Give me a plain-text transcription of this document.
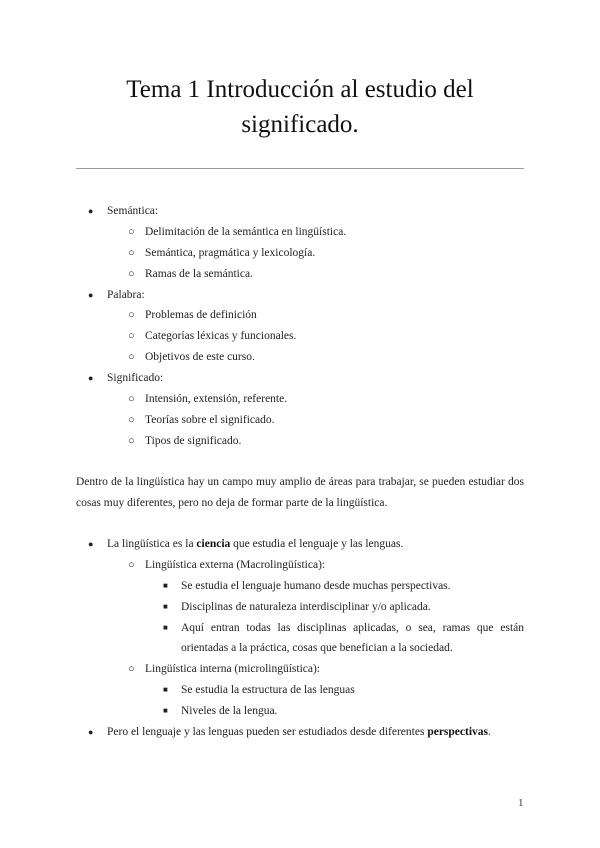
Tema 1 Introducción al estudio del
significado.
● Semántica:
○ Delimitación de la semántica en lingüística.
○ Semántica, pragmática y lexicología.
○ Ramas de la semántica.
● Palabra:
○ Problemas de definición
○ Categorías léxicas y funcionales.
○ Objetivos de este curso.
● Significado:
○ Intensión, extensión, referente.
○ Teorías sobre el significado.
○ Tipos de significado.
Dentro de la lingüística hay un campo muy amplio de áreas para trabajar, se pueden estudiar dos cosas muy diferentes, pero no deja de formar parte de la lingüística.
● La lingüística es la ciencia que estudia el lenguaje y las lenguas.
○ Lingüística externa (Macrolingüística):
■ Se estudia el lenguaje humano desde muchas perspectivas.
■ Disciplinas de naturaleza interdisciplinar y/o aplicada.
■ Aquí entran todas las disciplinas aplicadas, o sea, ramas que están orientadas a la práctica, cosas que benefician a la sociedad.
○ Lingüística interna (microlingüística):
■ Se estudia la estructura de las lenguas
■ Niveles de la lengua.
● Pero el lenguaje y las lenguas pueden ser estudiados desde diferentes perspectivas.
1
